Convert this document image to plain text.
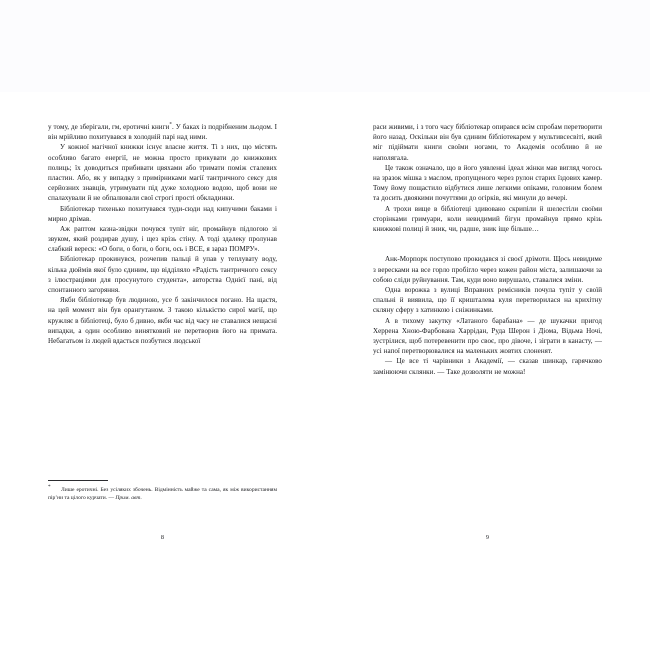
у тому, де зберігали, гм, еротичні книги*. У баках із подрібненим льодом. І він мрійливо похитувався в холодній парі над ними.

У кожної магічної книжки існує власне життя. Ті з них, що містять особливо багато енергії, не можна просто прикувати до книжкових полиць; їх доводиться прибивати цвяхами або тримати поміж сталевих пластин. Або, як у випадку з примірниками магії тантричного сексу для серйозних знавців, утримувати під дуже холодною водою, щоб вони не спалахували й не обпалювали свої строгі прості обкладинки.

Бібліотекар тихенько похитувався туди-сюди над кипучими баками і мирно дрімав.

Аж раптом казна-звідки почувся тупіт ніг, промайнув підлогою зі звуком, який роздирав душу, і щез крізь стіну. А тоді здалеку пролунав слабкий вереск: «О боги, о боги, о боги, ось і ВСЕ, я зараз ПОМРУ».

Бібліотекар прокинувся, розчепив пальці й упав у теплувату воду, кілька дюймів якої було єдиним, що відділяло «Радість тантричного сексу з ілюстраціями для просунутого студента», авторства Однієї пані, від спонтанного загоряння.

Якби бібліотекар був людиною, усе б закінчилося погано. На щастя, на цей момент він був орангутаном. З такою кількістю сирої магії, що кружляє в бібліотеці, було б дивно, якби час від часу не ставалися нещасні випадки, а один особливо винятковий не перетворив його на примата. Небагатьом із людей вдасться позбутися людської

* Лише еротичні. Без усіляких збочень. Відмінність майже та сама, як між використанням пір’ни та цілого курчати. — Прим. авт.

8

раси живими, і з того часу бібліотекар опирався всім спробам перетворити його назад. Оскільки він був єдиним бібліотекарем у мультивсесвіті, який міг підіймати книги своїми ногами, то Академія особливо й не наполягала.

Це також означало, що в його уявленні ідеал жінки мав вигляд чогось на зразок мішка з маслом, пропущеного через рулон старих їздових камер. Тому йому пощастило відбутися лише легкими опіками, головним болем та досить двоякими почуттями до огірків, які минули до вечері.

А трохи вище в бібліотеці здивовано скрипіли й шелестіли своїми сторінками гримуари, коли невидимий бігун промайнув прямо крізь книжкові полиці й зник, чи, радше, зник іще більше…

Анк-Морпорк поступово прокидався зі своєї дрімоти. Щось невидиме з вересками на все горло пробігло через кожен район міста, залишаючи за собою сліди руйнування. Там, куди воно вирушало, ставалися зміни.

Одна ворожка з вулиці Вправних ремісників почула тупіт у своїй спальні й виявила, що її кришталева куля перетворилася на крихітну скляну сферу з хатинкою і сніжинками.

А в тихому закутку «Латаного барабана» — де шукачки пригод Херрена Хною-Фарбована Харрідан, Руда Шерон і Діома, Відьма Ночі, зустрілися, щоб потеревенити про своє, про дівоче, і зіграти в канасту, — усі напої перетворювалися на маленьких жовтих слоненят.

— Це все ті чарівники з Академії, — сказав шинкар, гарячково замінюючи склянки. — Таке дозволяти не можна!

9
